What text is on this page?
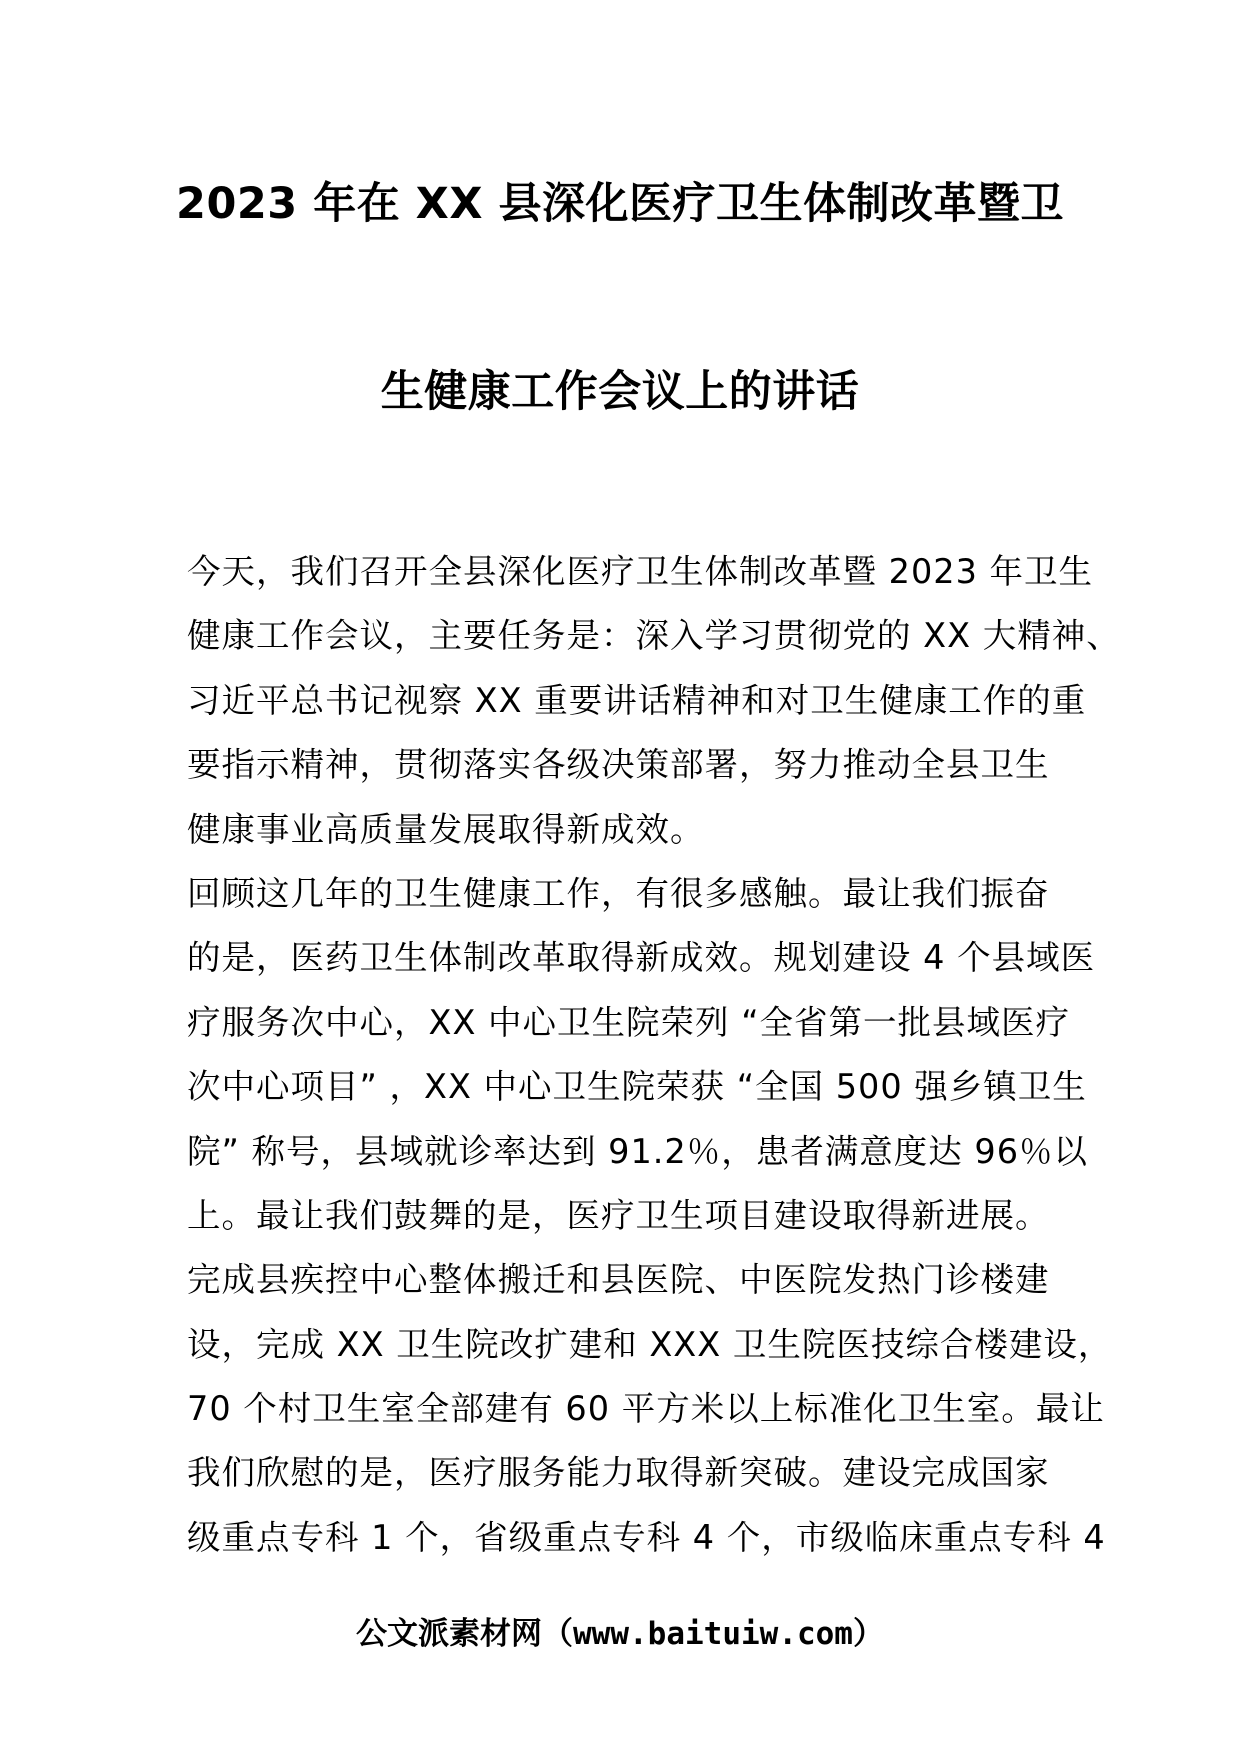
2023 年在 XX 县深化医疗卫生体制改革暨卫
生健康工作会议上的讲话
今天，我们召开全县深化医疗卫生体制改革暨 2023 年卫生
健康工作会议，主要任务是：深入学习贯彻党的 XX 大精神、
习近平总书记视察 XX 重要讲话精神和对卫生健康工作的重
要指示精神，贯彻落实各级决策部署，努力推动全县卫生
健康事业高质量发展取得新成效。
回顾这几年的卫生健康工作，有很多感触。最让我们振奋
的是，医药卫生体制改革取得新成效。规划建设 4 个县域医
疗服务次中心，XX 中心卫生院荣列 “全省第一批县域医疗
次中心项目” ，XX 中心卫生院荣获 “全国 500 强乡镇卫生
院” 称号，县域就诊率达到 91.2％，患者满意度达 96％以
上。最让我们鼓舞的是，医疗卫生项目建设取得新进展。
完成县疾控中心整体搬迁和县医院、中医院发热门诊楼建
设，完成 XX 卫生院改扩建和 XXX 卫生院医技综合楼建设，
70 个村卫生室全部建有 60 平方米以上标准化卫生室。最让
我们欣慰的是，医疗服务能力取得新突破。建设完成国家
级重点专科 1 个，省级重点专科 4 个，市级临床重点专科 4
公文派素材网（www.baituiw.com）
